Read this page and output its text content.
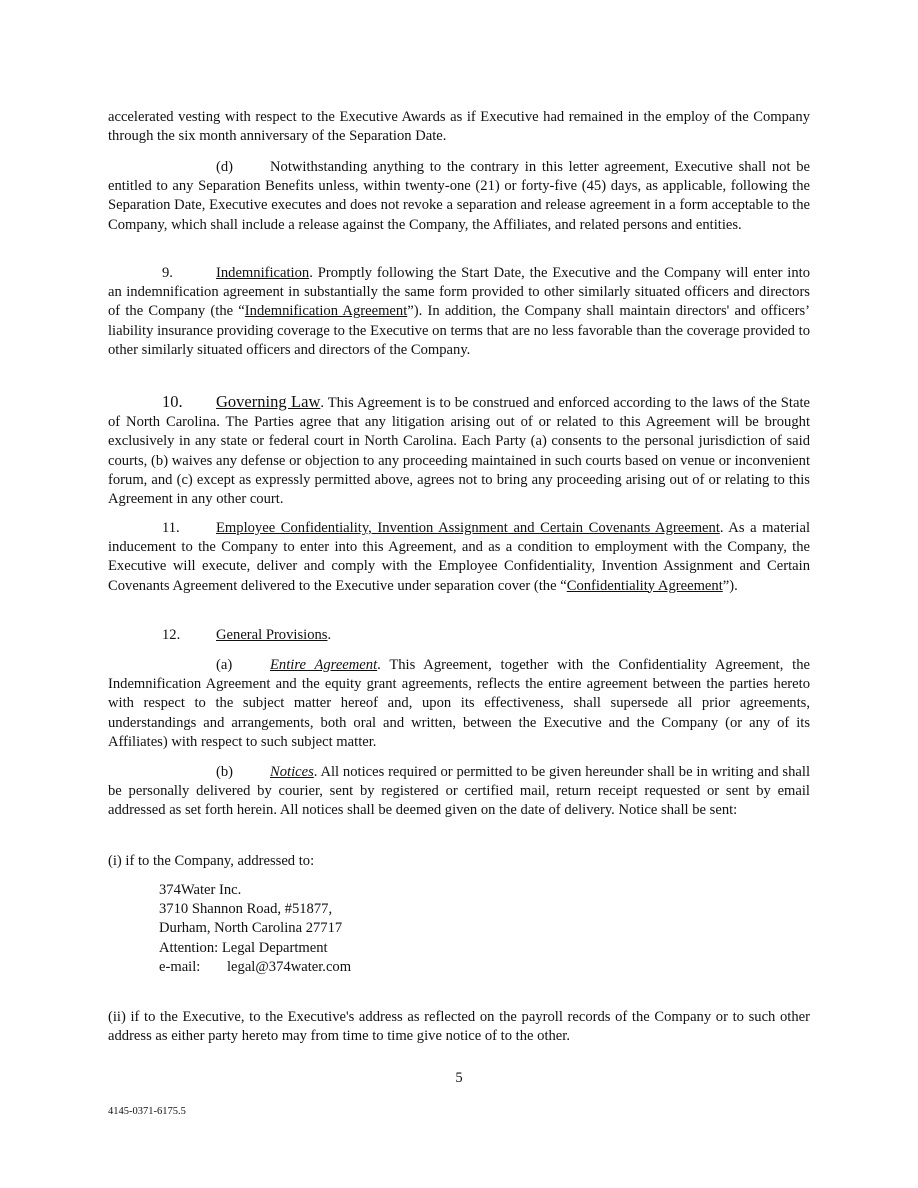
accelerated vesting with respect to the Executive Awards as if Executive had remained in the employ of the Company through the six month anniversary of the Separation Date.

(d)	Notwithstanding anything to the contrary in this letter agreement, Executive shall not be entitled to any Separation Benefits unless, within twenty-one (21) or forty-five (45) days, as applicable, following the Separation Date, Executive executes and does not revoke a separation and release agreement in a form acceptable to the Company, which shall include a release against the Company, the Affiliates, and related persons and entities.

9.	Indemnification. Promptly following the Start Date, the Executive and the Company will enter into an indemnification agreement in substantially the same form provided to other similarly situated officers and directors of the Company (the “Indemnification Agreement”). In addition, the Company shall maintain directors' and officers’ liability insurance providing coverage to the Executive on terms that are no less favorable than the coverage provided to other similarly situated officers and directors of the Company.

10. Governing Law. This Agreement is to be construed and enforced according to the laws of the State of North Carolina. The Parties agree that any litigation arising out of or related to this Agreement will be brought exclusively in any state or federal court in North Carolina. Each Party (a) consents to the personal jurisdiction of said courts, (b) waives any defense or objection to any proceeding maintained in such courts based on venue or inconvenient forum, and (c) except as expressly permitted above, agrees not to bring any proceeding arising out of or relating to this Agreement in any other court.

11. Employee Confidentiality, Invention Assignment and Certain Covenants Agreement. As a material inducement to the Company to enter into this Agreement, and as a condition to employment with the Company, the Executive will execute, deliver and comply with the Employee Confidentiality, Invention Assignment and Certain Covenants Agreement delivered to the Executive under separation cover (the “Confidentiality Agreement”).

12. General Provisions.

(a)	Entire Agreement. This Agreement, together with the Confidentiality Agreement, the Indemnification Agreement and the equity grant agreements, reflects the entire agreement between the parties hereto with respect to the subject matter hereof and, upon its effectiveness, shall supersede all prior agreements, understandings and arrangements, both oral and written, between the Executive and the Company (or any of its Affiliates) with respect to such subject matter.

(b)	Notices. All notices required or permitted to be given hereunder shall be in writing and shall be personally delivered by courier, sent by registered or certified mail, return receipt requested or sent by email addressed as set forth herein. All notices shall be deemed given on the date of delivery. Notice shall be sent:

(i) if to the Company, addressed to:

374Water Inc.
3710 Shannon Road, #51877,
Durham, North Carolina 27717
Attention: Legal Department
e-mail: legal@374water.com

(ii) if to the Executive, to the Executive's address as reflected on the payroll records of the Company or to such other address as either party hereto may from time to time give notice of to the other.

5
4145-0371-6175.5
